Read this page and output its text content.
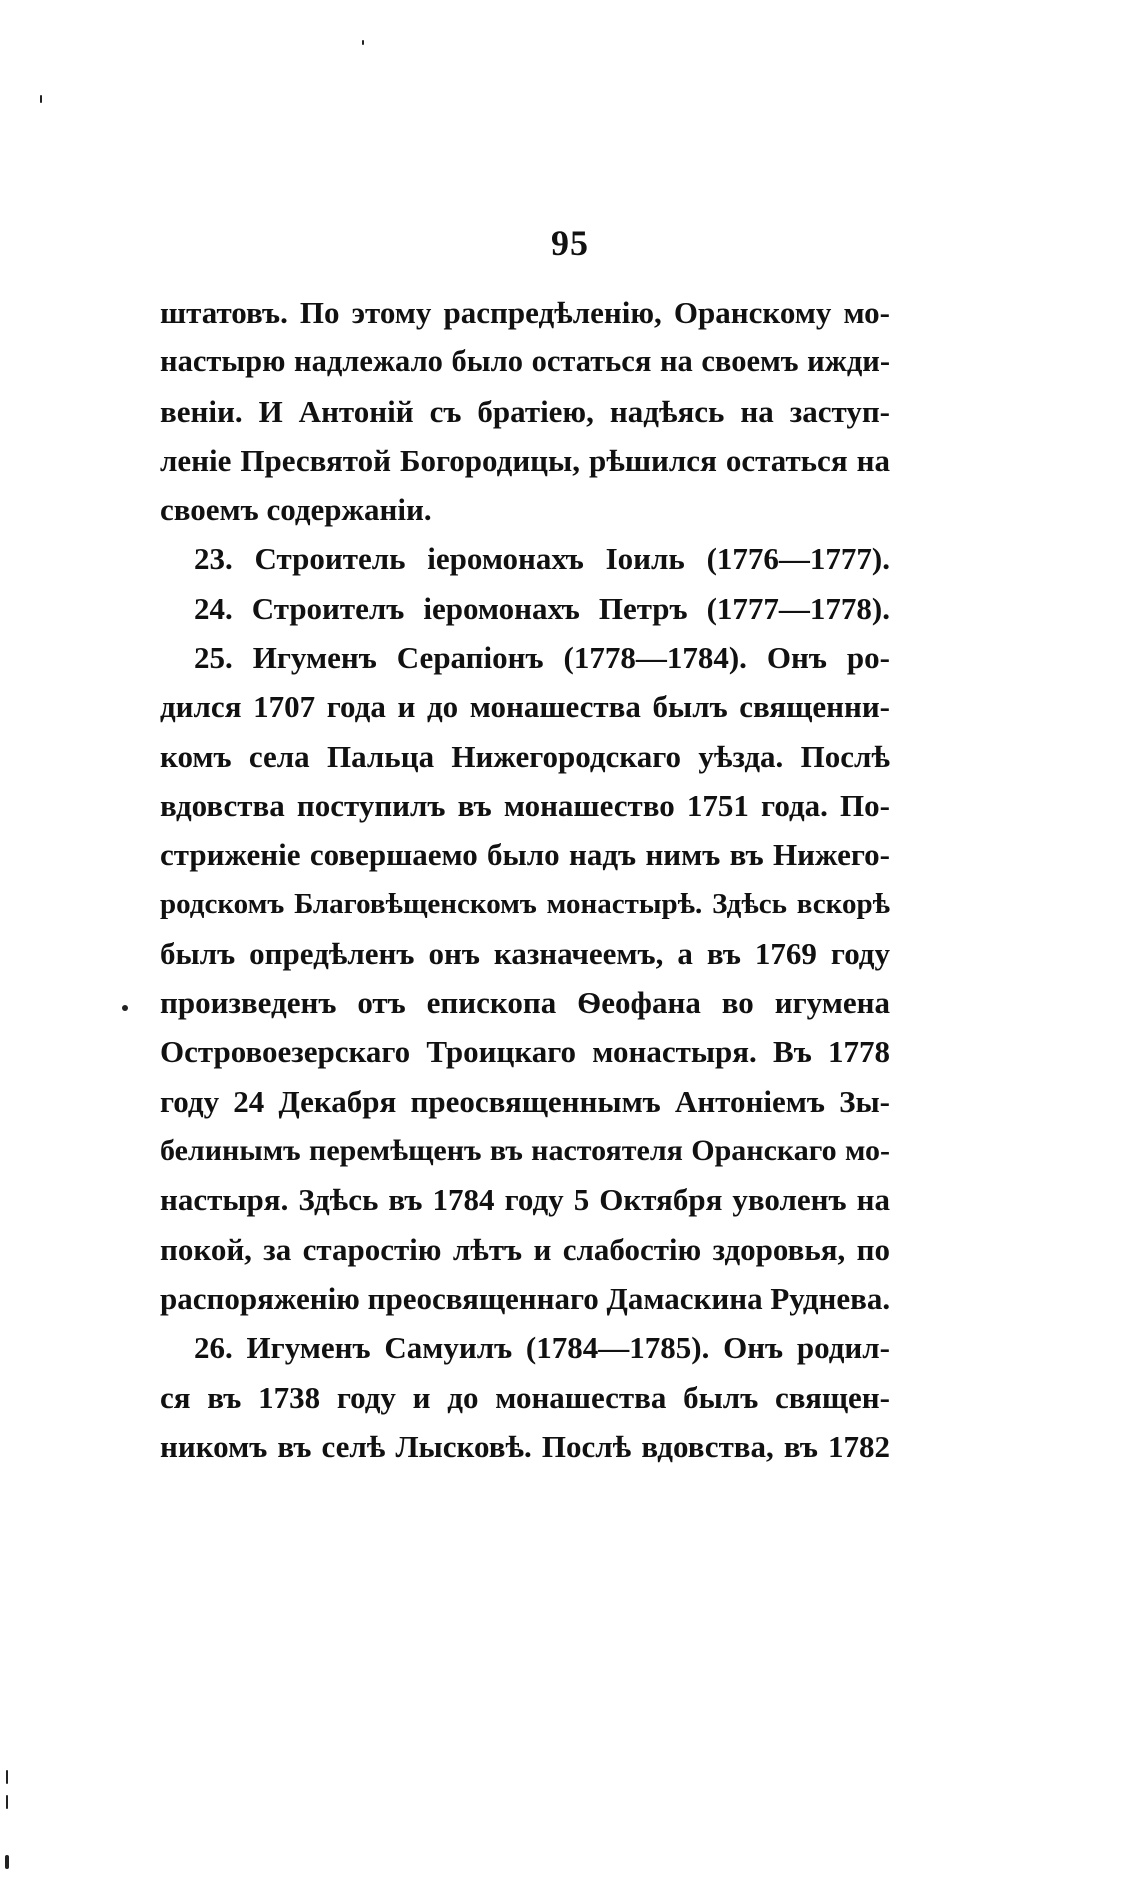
95
штатовъ. По этому распредѣленію, Оранскому мо-
настырю надлежало было остаться на своемъ ижди-
веніи. И Антоній съ братіею, надѣясь на заступ-
леніе Пресвятой Богородицы, рѣшился остаться на
своемъ содержаніи.
23. Строитель іеромонахъ Іоиль (1776—1777).
24. Строителъ іеромонахъ Петръ (1777—1778).
25. Игуменъ Серапіонъ (1778—1784). Онъ ро-
дился 1707 года и до монашества былъ священни-
комъ села Пальца Нижегородскаго уѣзда. Послѣ
вдовства поступилъ въ монашество 1751 года. По-
стриженіе совершаемо было надъ нимъ въ Нижего-
родскомъ Благовѣщенскомъ монастырѣ. Здѣсь вскорѣ
былъ опредѣленъ онъ казначеемъ, а въ 1769 году
произведенъ отъ епископа Ѳеофана во игумена
Островоезерскаго Троицкаго монастыря. Въ 1778
году 24 Декабря преосвященнымъ Антоніемъ Зы-
белинымъ перемѣщенъ въ настоятеля Оранскаго мо-
настыря. Здѣсь въ 1784 году 5 Октября уволенъ на
покой, за старостію лѣтъ и слабостію здоровья, по
распоряженію преосвященнаго Дамаскина Руднева.
26. Игуменъ Самуилъ (1784—1785). Онъ родил-
ся въ 1738 году и до монашества былъ священ-
никомъ въ селѣ Лысковѣ. Послѣ вдовства, въ 1782
